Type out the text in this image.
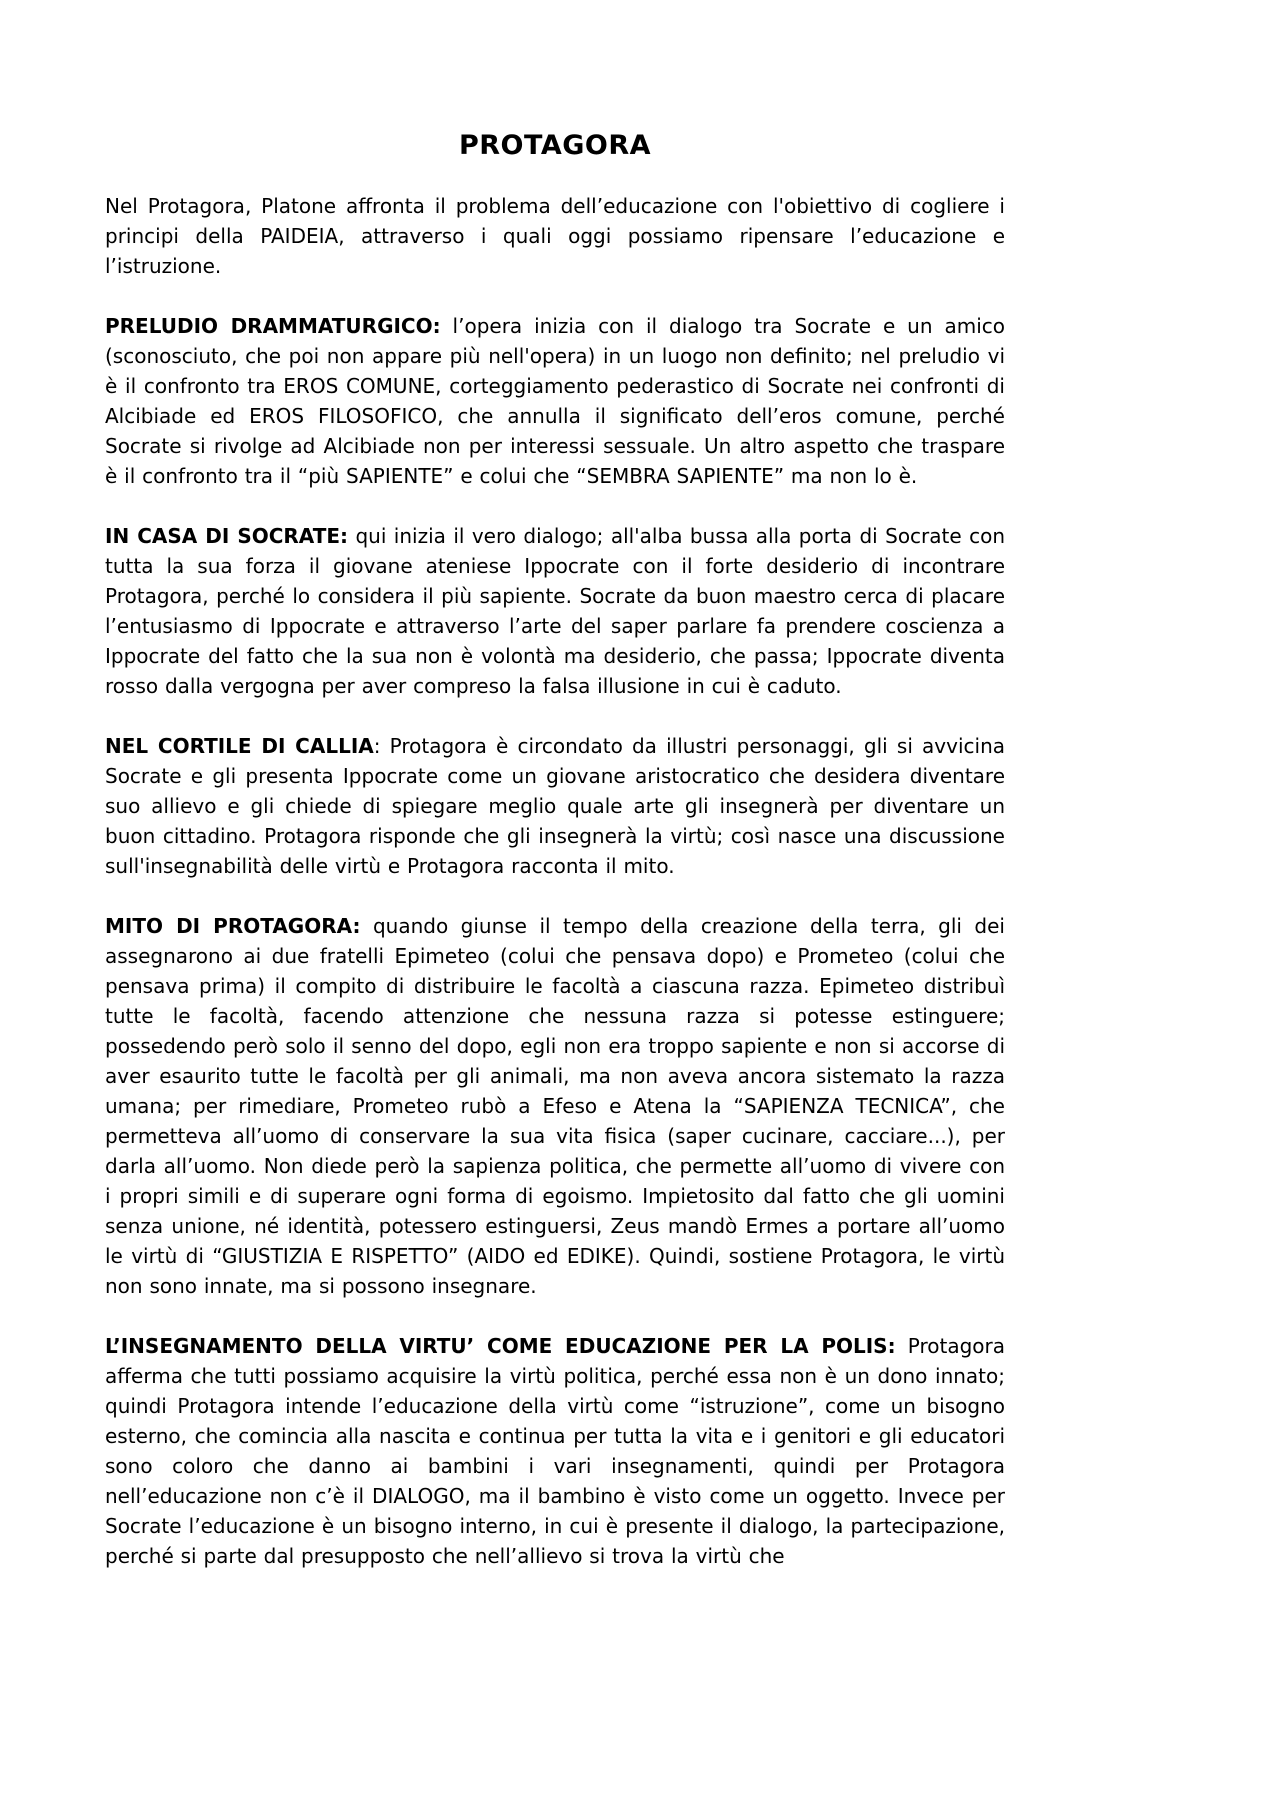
PROTAGORA

Nel Protagora, Platone affronta il problema dell’educazione con l'obiettivo di cogliere i principi della PAIDEIA, attraverso i quali oggi possiamo ripensare l’educazione e l’istruzione.

PRELUDIO DRAMMATURGICO: l’opera inizia con il dialogo tra Socrate e un amico (sconosciuto, che poi non appare più nell'opera) in un luogo non definito; nel preludio vi è il confronto tra EROS COMUNE, corteggiamento pederastico di Socrate nei confronti di Alcibiade ed EROS FILOSOFICO, che annulla il significato dell’eros comune, perché Socrate si rivolge ad Alcibiade non per interessi sessuale. Un altro aspetto che traspare è il confronto tra il “più SAPIENTE” e colui che “SEMBRA SAPIENTE” ma non lo è.

IN CASA DI SOCRATE: qui inizia il vero dialogo; all'alba bussa alla porta di Socrate con tutta la sua forza il giovane ateniese Ippocrate con il forte desiderio di incontrare Protagora, perché lo considera il più sapiente. Socrate da buon maestro cerca di placare l’entusiasmo di Ippocrate e attraverso l’arte del saper parlare fa prendere coscienza a Ippocrate del fatto che la sua non è volontà ma desiderio, che passa; Ippocrate diventa rosso dalla vergogna per aver compreso la falsa illusione in cui è caduto.

NEL CORTILE DI CALLIA: Protagora è circondato da illustri personaggi, gli si avvicina Socrate e gli presenta Ippocrate come un giovane aristocratico che desidera diventare suo allievo e gli chiede di spiegare meglio quale arte gli insegnerà per diventare un buon cittadino. Protagora risponde che gli insegnerà la virtù; così nasce una discussione sull'insegnabilità delle virtù e Protagora racconta il mito.

MITO DI PROTAGORA: quando giunse il tempo della creazione della terra, gli dei assegnarono ai due fratelli Epimeteo (colui che pensava dopo) e Prometeo (colui che pensava prima) il compito di distribuire le facoltà a ciascuna razza. Epimeteo distribuì tutte le facoltà, facendo attenzione che nessuna razza si potesse estinguere; possedendo però solo il senno del dopo, egli non era troppo sapiente e non si accorse di aver esaurito tutte le facoltà per gli animali, ma non aveva ancora sistemato la razza umana; per rimediare, Prometeo rubò a Efeso e Atena la “SAPIENZA TECNICA”, che permetteva all’uomo di conservare la sua vita fisica (saper cucinare, cacciare...), per darla all’uomo. Non diede però la sapienza politica, che permette all’uomo di vivere con i propri simili e di superare ogni forma di egoismo. Impietosito dal fatto che gli uomini senza unione, né identità, potessero estinguersi, Zeus mandò Ermes a portare all’uomo le virtù di “GIUSTIZIA E RISPETTO” (AIDO ed EDIKE). Quindi, sostiene Protagora, le virtù non sono innate, ma si possono insegnare.

L’INSEGNAMENTO DELLA VIRTU’ COME EDUCAZIONE PER LA POLIS: Protagora afferma che tutti possiamo acquisire la virtù politica, perché essa non è un dono innato; quindi Protagora intende l’educazione della virtù come “istruzione”, come un bisogno esterno, che comincia alla nascita e continua per tutta la vita e i genitori e gli educatori sono coloro che danno ai bambini i vari insegnamenti, quindi per Protagora nell’educazione non c’è il DIALOGO, ma il bambino è visto come un oggetto. Invece per Socrate l’educazione è un bisogno interno, in cui è presente il dialogo, la partecipazione, perché si parte dal presupposto che nell’allievo si trova la virtù che
